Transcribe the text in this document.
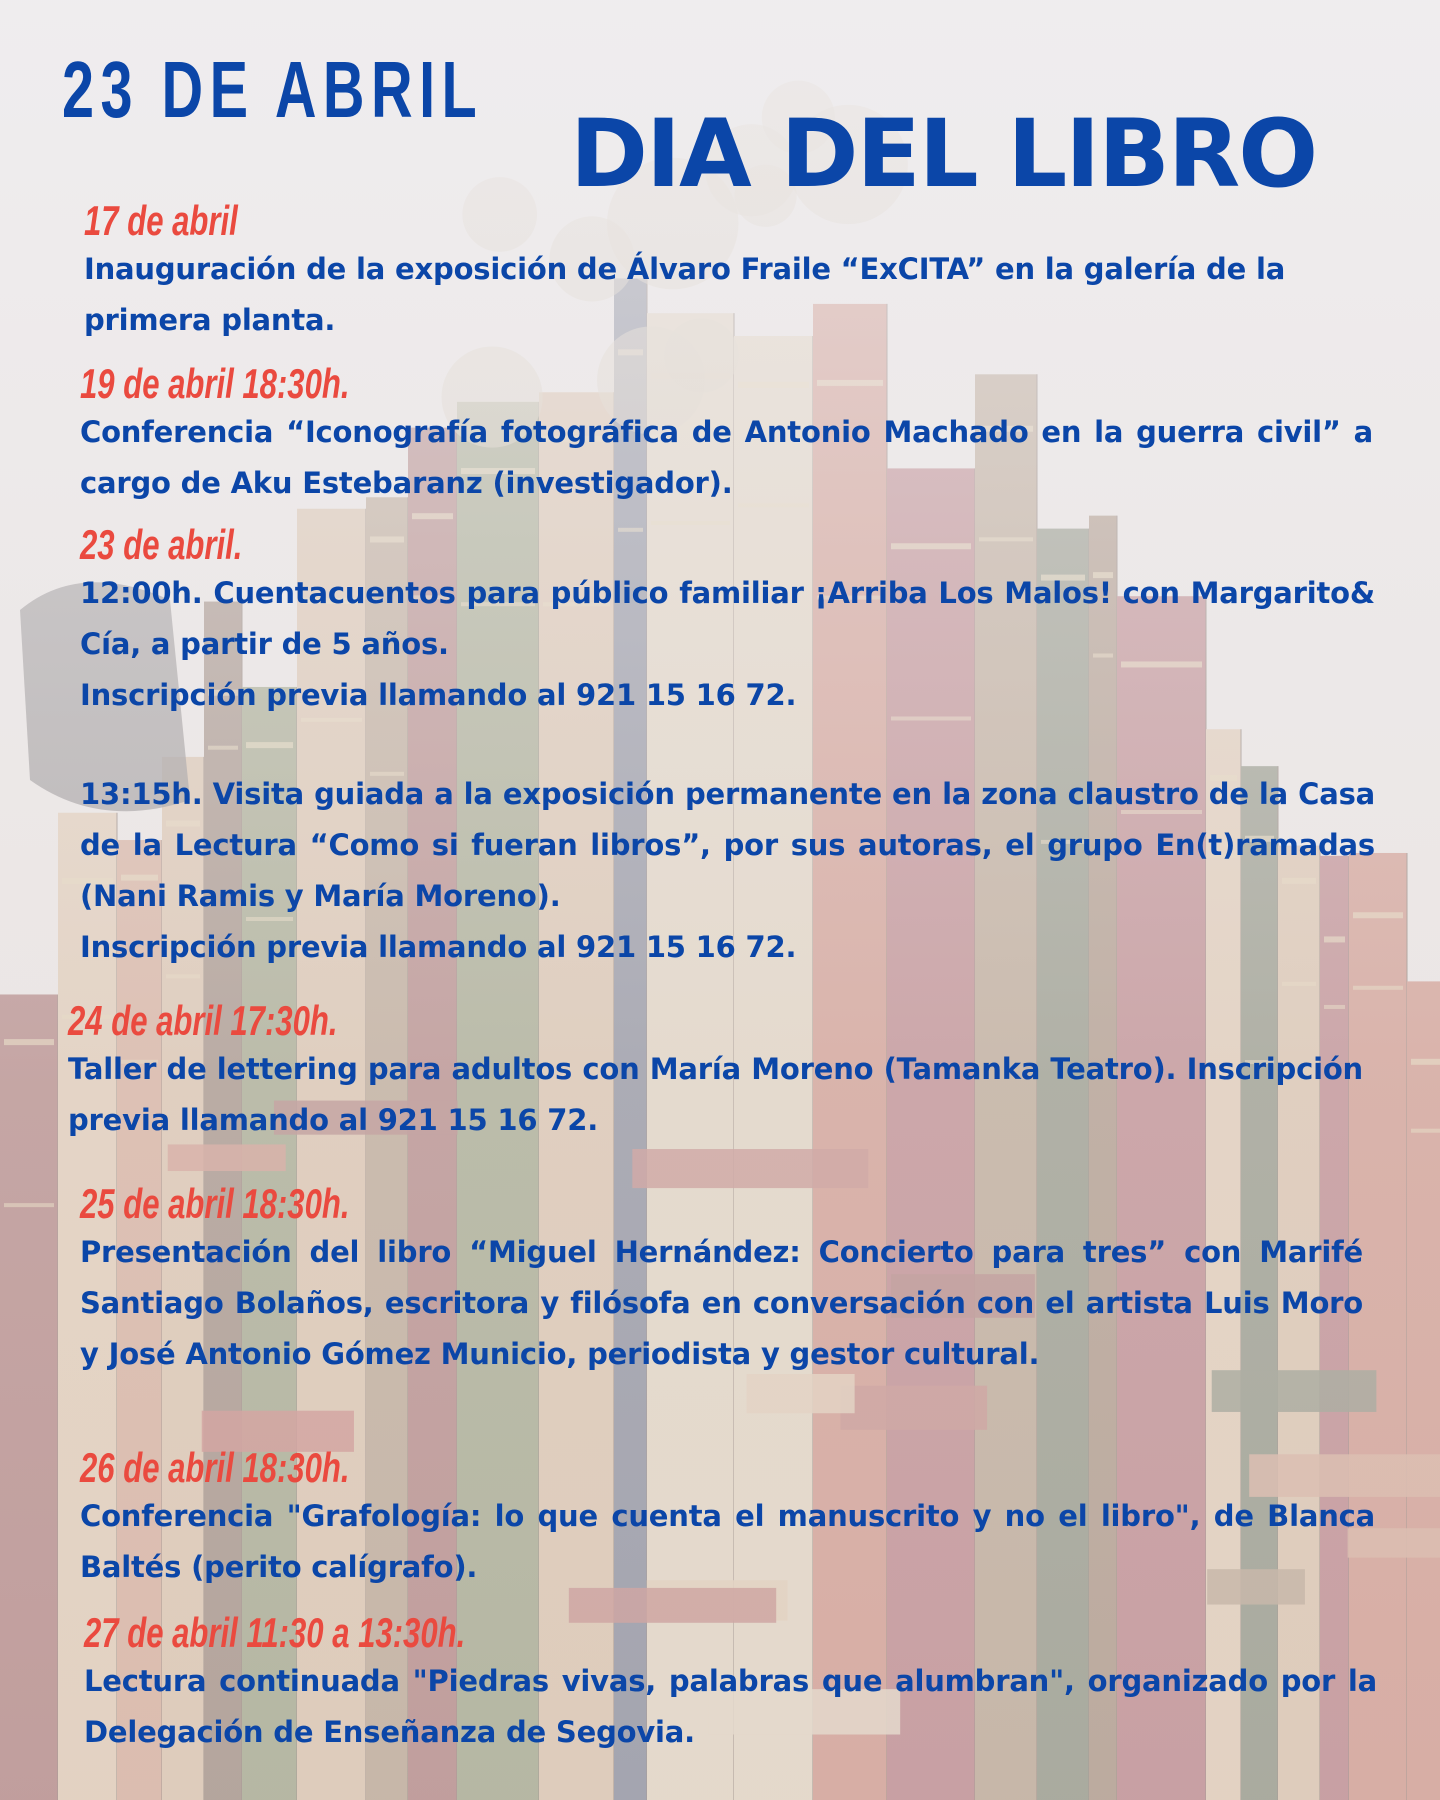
23 DE ABRIL
DIA DEL LIBRO
17 de abril
Inauguración de la exposición de Álvaro Fraile “ExCITA” en la galería de la primera planta.
19 de abril 18:30h.
Conferencia “Iconografía fotográfica de Antonio Machado en la guerra civil” a cargo de Aku Estebaranz (investigador).
23 de abril.
12:00h. Cuentacuentos para público familiar ¡Arriba Los Malos! con Margarito& Cía, a partir de 5 años.
Inscripción previa llamando al 921 15 16 72.
13:15h. Visita guiada a la exposición permanente en la zona claustro de la Casa de la Lectura “Como si fueran libros”, por sus autoras, el grupo En(t)ramadas (Nani Ramis y María Moreno).
Inscripción previa llamando al 921 15 16 72.
24 de abril 17:30h.
Taller de lettering para adultos con María Moreno (Tamanka Teatro). Inscripción previa llamando al 921 15 16 72.
25 de abril 18:30h.
Presentación del libro “Miguel Hernández: Concierto para tres” con Marifé Santiago Bolaños, escritora y filósofa en conversación con el artista Luis Moro y José Antonio Gómez Municio, periodista y gestor cultural.
26 de abril 18:30h.
Conferencia "Grafología: lo que cuenta el manuscrito y no el libro", de Blanca Baltés (perito calígrafo).
27 de abril 11:30 a 13:30h.
Lectura continuada "Piedras vivas, palabras que alumbran", organizado por la Delegación de Enseñanza de Segovia.
